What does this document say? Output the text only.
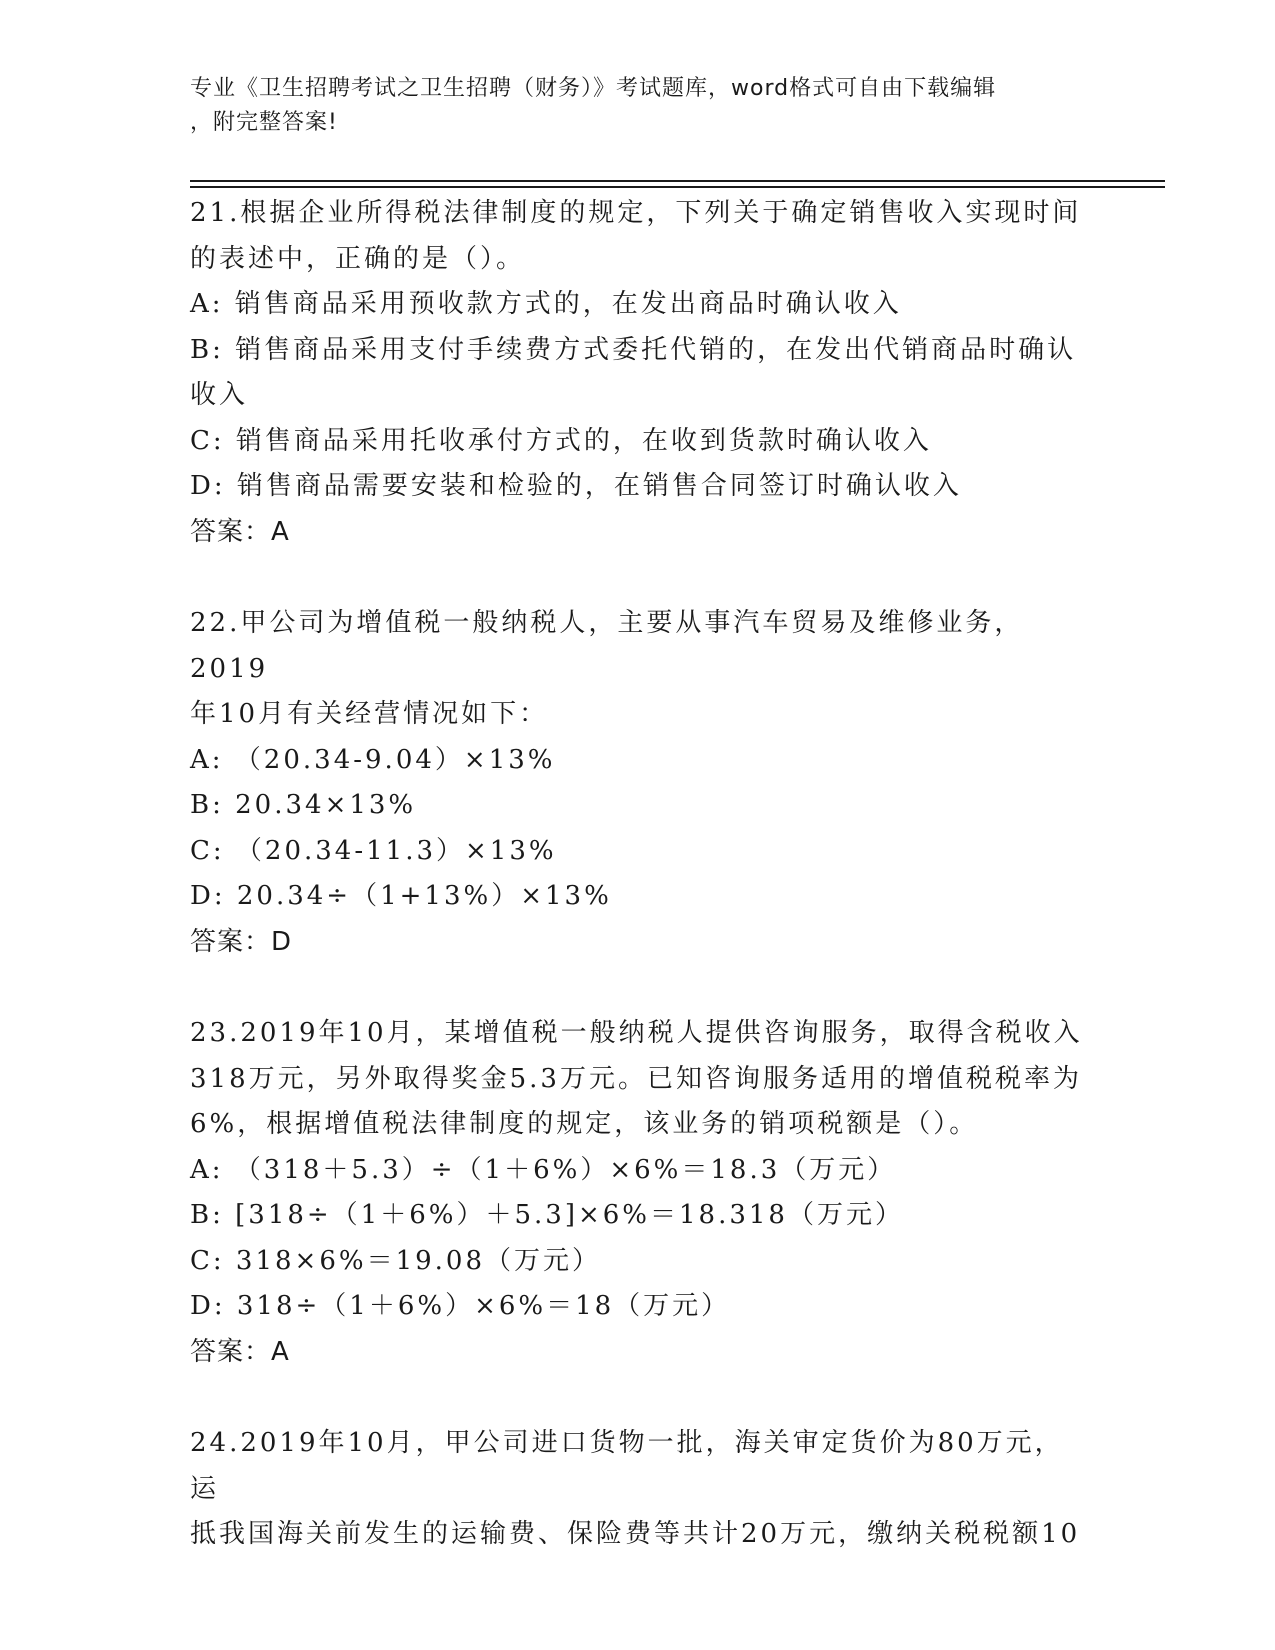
专业《卫生招聘考试之卫生招聘（财务）》考试题库，word格式可自由下载编辑
，附完整答案!
21.根据企业所得税法律制度的规定，下列关于确定销售收入实现时间
的表述中，正确的是（）。
A: 销售商品采用预收款方式的，在发出商品时确认收入
B: 销售商品采用支付手续费方式委托代销的，在发出代销商品时确认
收入
C: 销售商品采用托收承付方式的，在收到货款时确认收入
D: 销售商品需要安装和检验的，在销售合同签订时确认收入
答案：A
22.甲公司为增值税一般纳税人，主要从事汽车贸易及维修业务，2019
年10月有关经营情况如下：
A: （20.34-9.04）×13%
B: 20.34×13%
C: （20.34-11.3）×13%
D: 20.34÷（1+13%）×13%
答案：D
23.2019年10月，某增值税一般纳税人提供咨询服务，取得含税收入
318万元，另外取得奖金5.3万元。已知咨询服务适用的增值税税率为
6%，根据增值税法律制度的规定，该业务的销项税额是（）。
A: （318＋5.3）÷（1＋6%）×6%＝18.3（万元）
B: [318÷（1＋6%）＋5.3]×6%＝18.318（万元）
C: 318×6%＝19.08（万元）
D: 318÷（1＋6%）×6%＝18（万元）
答案：A
24.2019年10月，甲公司进口货物一批，海关审定货价为80万元，运
抵我国海关前发生的运输费、保险费等共计20万元，缴纳关税税额10
